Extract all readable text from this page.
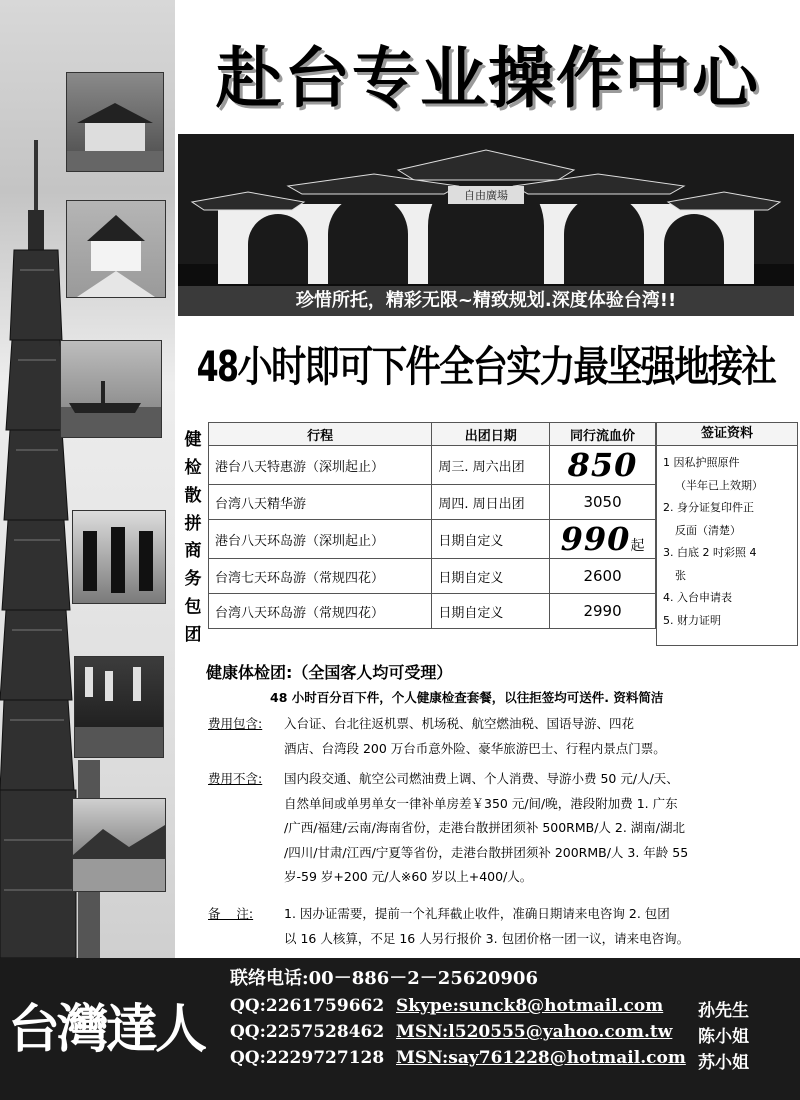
赴台专业操作中心
自由廣場
珍惜所托，精彩无限~精致规划.深度体验台湾!!
48小时即可下件全台实力最坚强地接社
健
检
散
拼
商
务
包
团
行程	出团日期	同行流血价
港台八天特惠游（深圳起止）	周三. 周六出团	850
台湾八天精华游	周四. 周日出团	3050
港台八天环岛游（深圳起止）	日期自定义	990起
台湾七天环岛游（常规四花）	日期自定义	2600
台湾八天环岛游（常规四花）	日期自定义	2990
签证资料
1 因私护照原件
（半年已上效期）
2. 身分证复印件正
反面（清楚）
3. 白底 2 吋彩照 4
张
4. 入台申请表
5. 财力证明
健康体检团:（全国客人均可受理）
48 小时百分百下件，个人健康检查套餐，以往拒签均可送件. 资料简洁
费用包含: 入台证、台北往返机票、机场税、航空燃油税、国语导游、四花
酒店、台湾段 200 万台币意外险、豪华旅游巴士、行程内景点门票。
费用不含: 国内段交通、航空公司燃油费上调、个人消费、导游小费 50 元/人/天、
自然单间或单男单女一律补单房差￥350 元/间/晚，港段附加费 1. 广东
/广西/福建/云南/海南省份，走港台散拼团须补 500RMB/人 2. 湖南/湖北
/四川/甘肃/江西/宁夏等省份，走港台散拼团须补 200RMB/人 3. 年龄 55
岁-59 岁+200 元/人※60 岁以上+400/人。
备    注: 1. 因办证需要，提前一个礼拜截止收件，准确日期请来电咨询 2. 包团
以 16 人核算，不足 16 人另行报价 3. 包团价格一团一议，请来电咨询。
台灣達人
联络电话:00－886－2－25620906
QQ:2261759662 Skype:sunck8@hotmail.com 孙先生
QQ:2257528462 MSN:l520555@yahoo.com.tw 陈小姐
QQ:2229727128 MSN:say761228@hotmail.com 苏小姐
